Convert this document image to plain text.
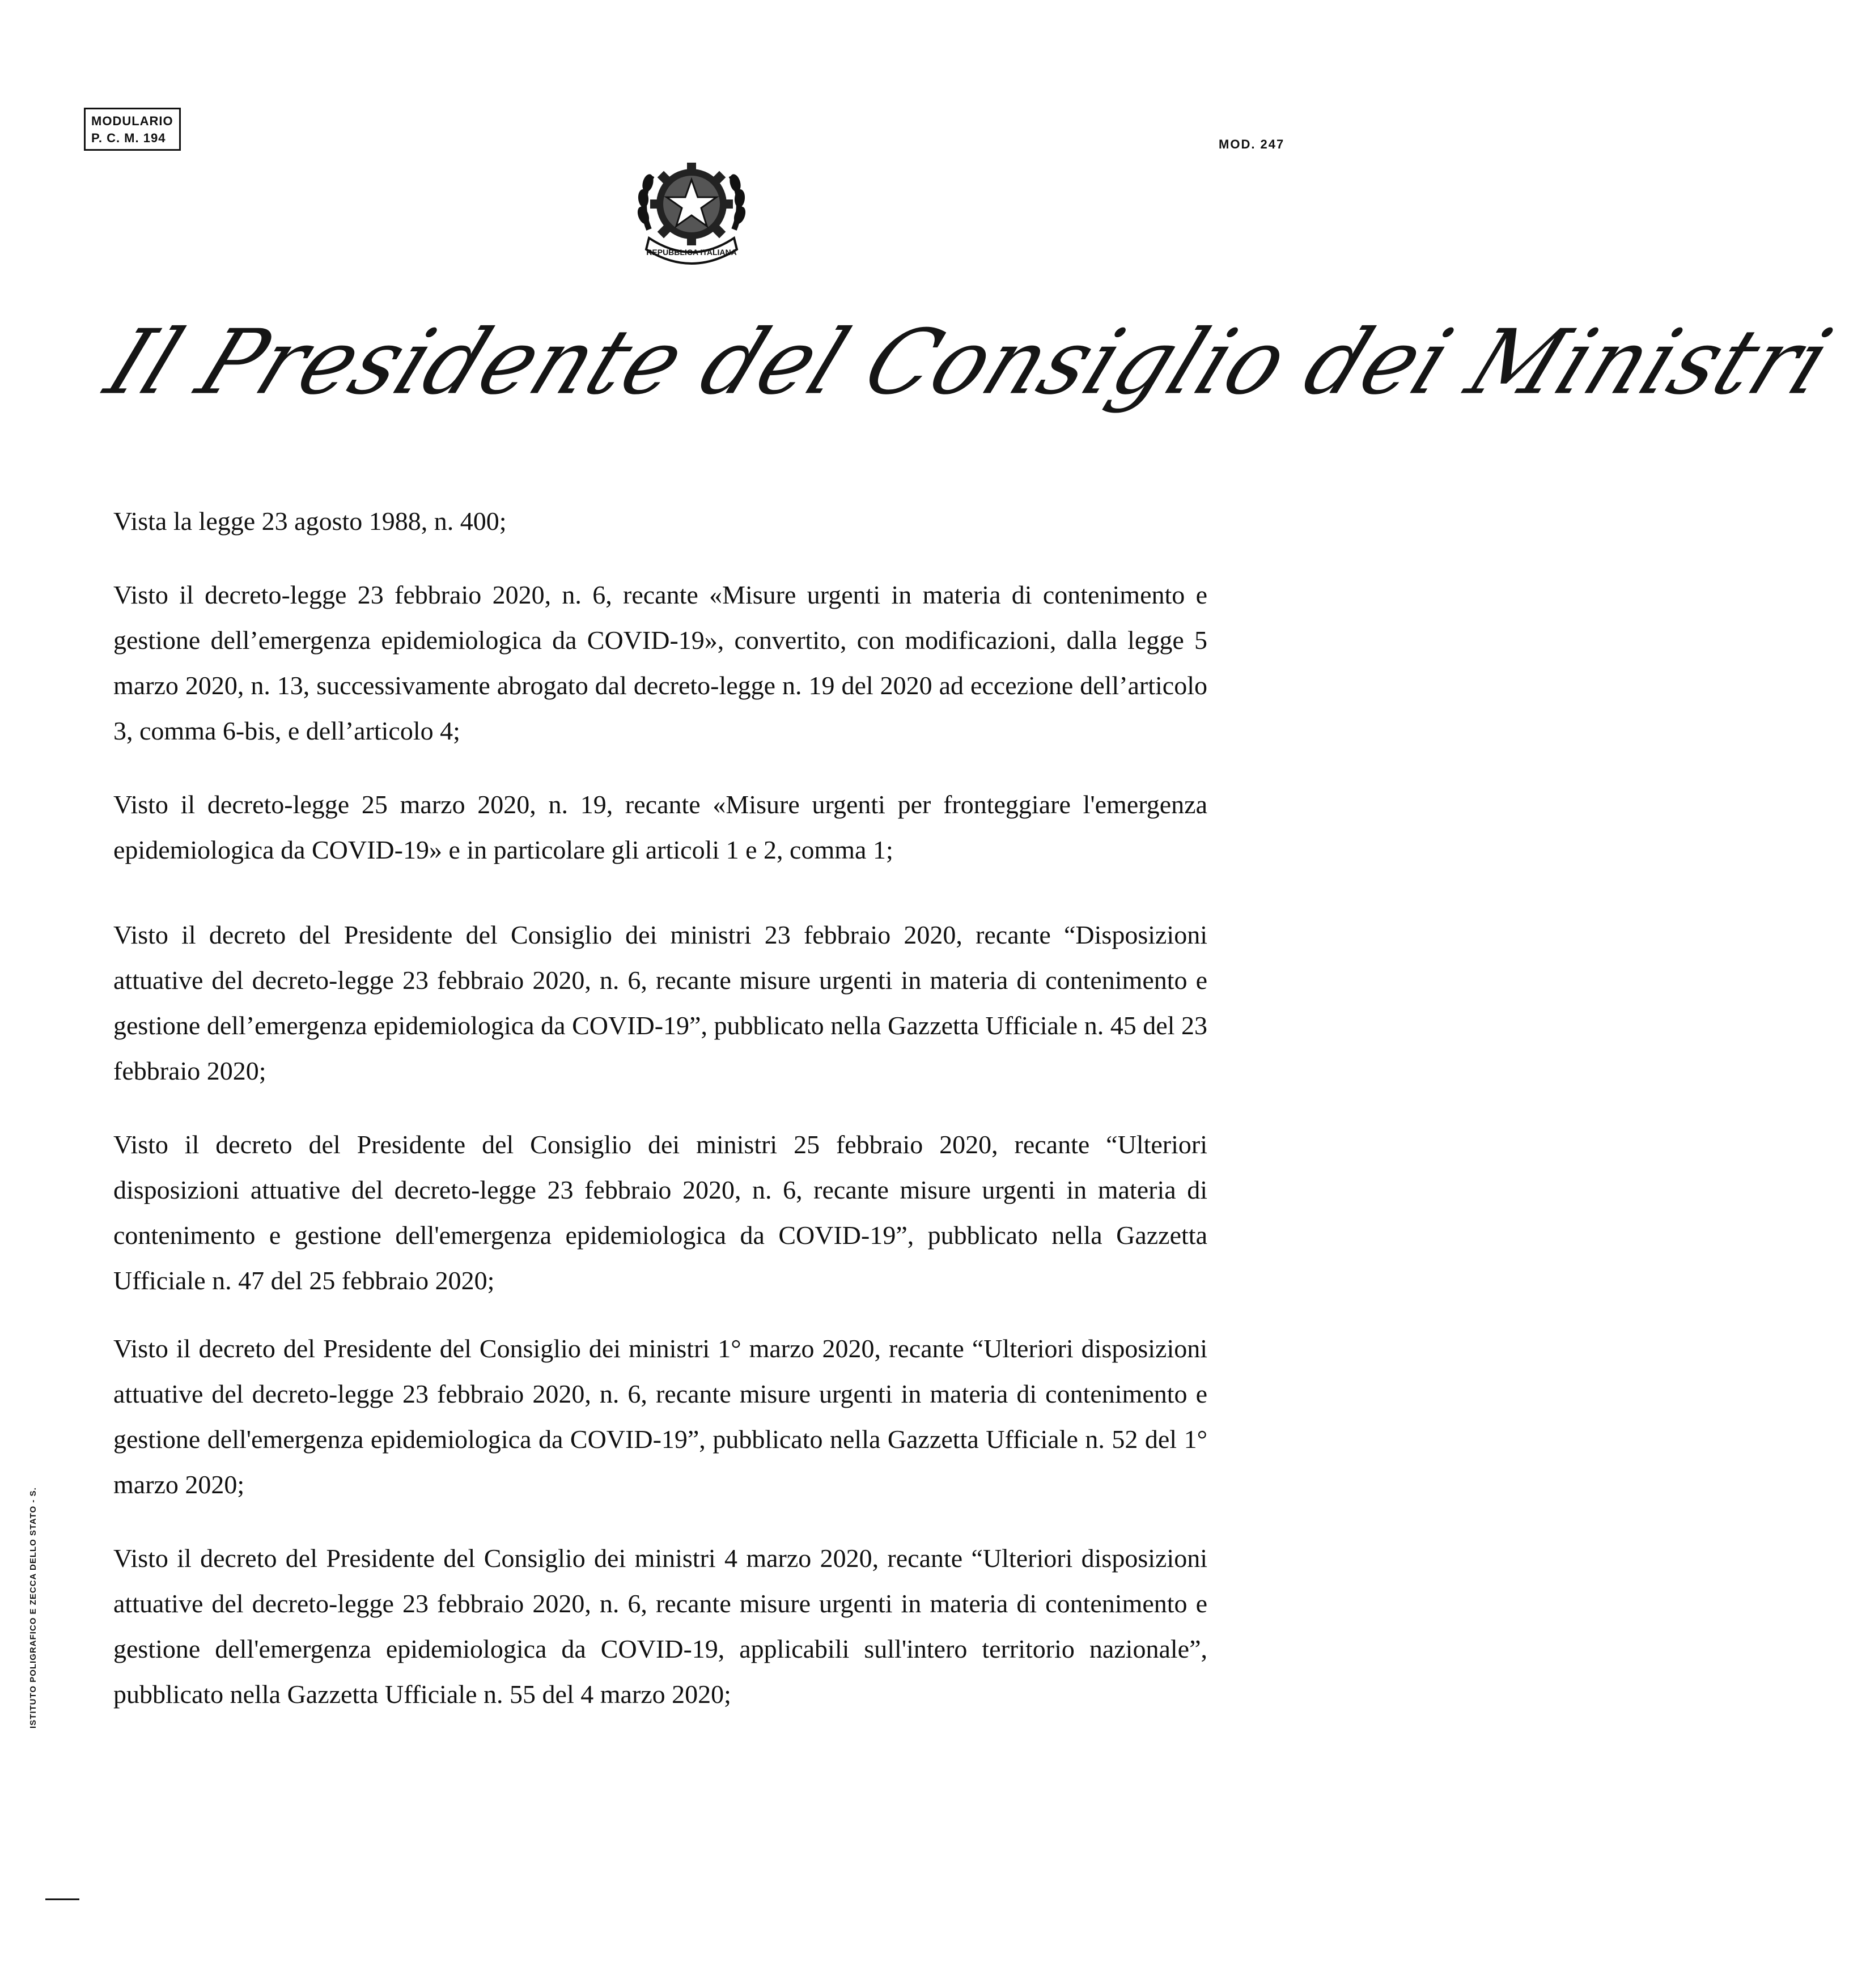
MODULARIO
P. C. M. 194	MOD. 247
REPUBBLICA ITALIANA
Il Presidente del Consiglio dei Ministri

Vista la legge 23 agosto 1988, n. 400;

Visto il decreto-legge 23 febbraio 2020, n. 6, recante «Misure urgenti in materia di contenimento e gestione dell’emergenza epidemiologica da COVID-19», convertito, con modificazioni, dalla legge 5 marzo 2020, n. 13, successivamente abrogato dal decreto-legge n. 19 del 2020 ad eccezione dell’articolo 3, comma 6-bis, e dell’articolo 4;

Visto il decreto-legge 25 marzo 2020, n. 19, recante «Misure urgenti per fronteggiare l'emergenza epidemiologica da COVID-19» e in particolare gli articoli 1 e 2, comma 1;

Visto il decreto del Presidente del Consiglio dei ministri 23 febbraio 2020, recante “Disposizioni attuative del decreto-legge 23 febbraio 2020, n. 6, recante misure urgenti in materia di contenimento e gestione dell’emergenza epidemiologica da COVID-19”, pubblicato nella Gazzetta Ufficiale n. 45 del 23 febbraio 2020;

Visto il decreto del Presidente del Consiglio dei ministri 25 febbraio 2020, recante “Ulteriori disposizioni attuative del decreto-legge 23 febbraio 2020, n. 6, recante misure urgenti in materia di contenimento e gestione dell'emergenza epidemiologica da COVID-19”, pubblicato nella Gazzetta Ufficiale n. 47 del 25 febbraio 2020;

Visto il decreto del Presidente del Consiglio dei ministri 1° marzo 2020, recante “Ulteriori disposizioni attuative del decreto-legge 23 febbraio 2020, n. 6, recante misure urgenti in materia di contenimento e gestione dell'emergenza epidemiologica da COVID-19”, pubblicato nella Gazzetta Ufficiale n. 52 del 1° marzo 2020;

Visto il decreto del Presidente del Consiglio dei ministri 4 marzo 2020, recante “Ulteriori disposizioni attuative del decreto-legge 23 febbraio 2020, n. 6, recante misure urgenti in materia di contenimento e gestione dell'emergenza epidemiologica da COVID-19, applicabili sull'intero territorio nazionale”, pubblicato nella Gazzetta Ufficiale n. 55 del 4 marzo 2020;

ISTITUTO POLIGRAFICO E ZECCA DELLO STATO - S.
